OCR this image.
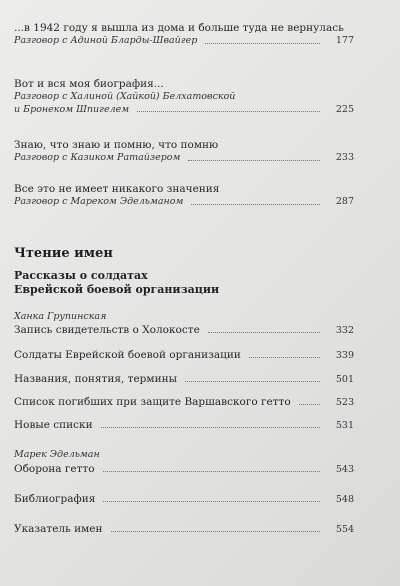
...в 1942 году я вышла из дома и больше туда не вернулась
Разговор с Адиной Бларды-Швайгер	177
Вот и вся моя биография...
Разговор с Халиной (Хайкой) Белхатовской
и Бронеком Шпигелем	225
Знаю, что знаю и помню, что помню
Разговор с Казиком Ратайзером	233
Все это не имеет никакого значения
Разговор с Мареком Эдельманом	287
Чтение имен
Рассказы о солдатах
Еврейской боевой организации
Ханка Групинская
Запись свидетельств о Холокосте	332
Солдаты Еврейской боевой организации	339
Названия, понятия, термины	501
Список погибших при защите Варшавского гетто	523
Новые списки	531
Марек Эдельман
Оборона гетто	543
Библиография	548
Указатель имен	554
